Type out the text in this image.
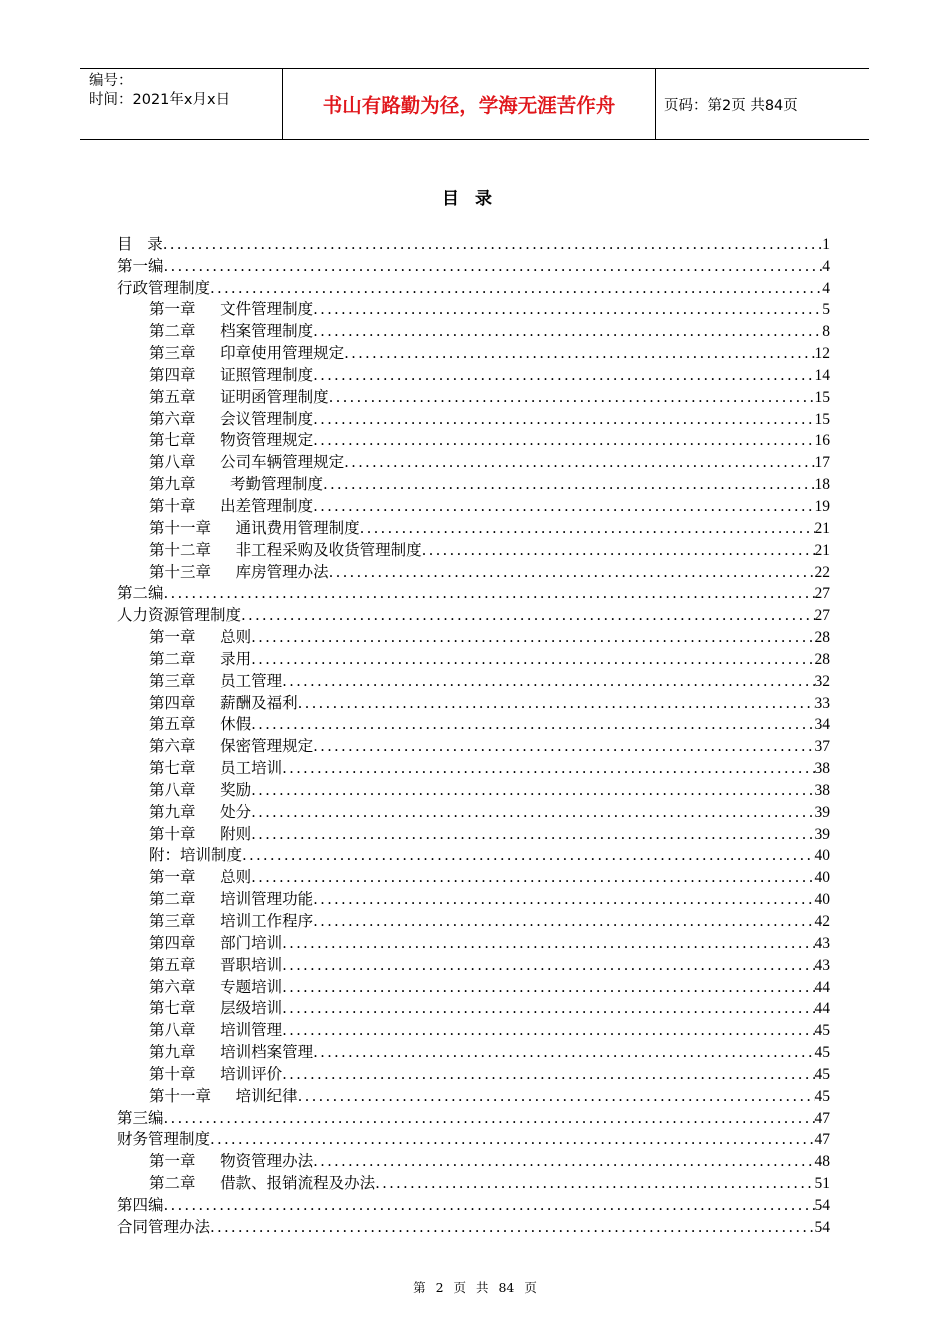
编号：
时间：2021年x月x日	书山有路勤为径，学海无涯苦作舟	页码：第2页 共84页
目录
目   录 .....	1
第一编 .....	4
行政管理制度 .....	4
第一章     文件管理制度 .....	5
第二章     档案管理制度 .....	8
第三章     印章使用管理规定 .....	12
第四章     证照管理制度 .....	14
第五章     证明函管理制度 .....	15
第六章     会议管理制度 .....	15
第七章     物资管理规定 .....	16
第八章     公司车辆管理规定 .....	17
第九章       考勤管理制度 .....	18
第十章     出差管理制度 .....	19
第十一章     通讯费用管理制度 .....	21
第十二章     非工程采购及收货管理制度 .....	21
第十三章     库房管理办法 .....	22
第二编 .....	27
人力资源管理制度 .....	27
第一章     总则 .....	28
第二章     录用 .....	28
第三章     员工管理 .....	32
第四章     薪酬及福利 .....	33
第五章     休假 .....	34
第六章     保密管理规定 .....	37
第七章     员工培训 .....	38
第八章     奖励 .....	38
第九章     处分 .....	39
第十章     附则 .....	39
附：培训制度 .....	40
第一章     总则 .....	40
第二章     培训管理功能 .....	40
第三章     培训工作程序 .....	42
第四章     部门培训 .....	43
第五章     晋职培训 .....	43
第六章     专题培训 .....	44
第七章     层级培训 .....	44
第八章     培训管理 .....	45
第九章     培训档案管理 .....	45
第十章     培训评价 .....	45
第十一章     培训纪律 .....	45
第三编 .....	47
财务管理制度 .....	47
第一章     物资管理办法 .....	48
第二章     借款、报销流程及办法 .....	51
第四编 .....	54
合同管理办法 .....	54
第 2 页 共 84 页
